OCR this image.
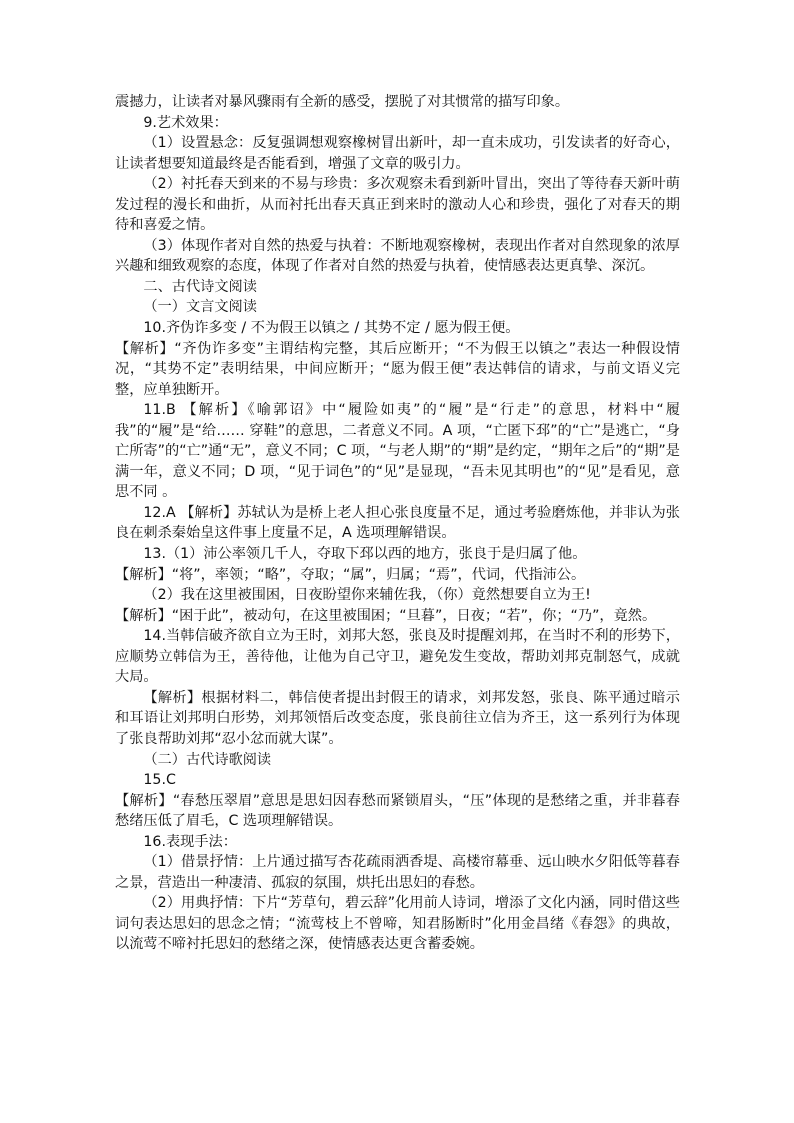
震撼力，让读者对暴风骤雨有全新的感受，摆脱了对其惯常的描写印象。

9.艺术效果：

（1）设置悬念：反复强调想观察橡树冒出新叶，却一直未成功，引发读者的好奇心，让读者想要知道最终是否能看到，增强了文章的吸引力。

（2）衬托春天到来的不易与珍贵：多次观察未看到新叶冒出，突出了等待春天新叶萌发过程的漫长和曲折，从而衬托出春天真正到来时的激动人心和珍贵，强化了对春天的期待和喜爱之情。

（3）体现作者对自然的热爱与执着：不断地观察橡树，表现出作者对自然现象的浓厚兴趣和细致观察的态度，体现了作者对自然的热爱与执着，使情感表达更真挚、深沉。

二、古代诗文阅读

（一）文言文阅读

10.齐伪诈多变 / 不为假王以镇之 / 其势不定 / 愿为假王便。

【解析】“齐伪诈多变”主谓结构完整，其后应断开；“不为假王以镇之”表达一种假设情况，“其势不定”表明结果，中间应断开；“愿为假王便”表达韩信的请求，与前文语义完整，应单独断开。

11.B 【解析】《喻郭诏》中“履险如夷”的“履”是“行走”的意思，材料中“履我”的“履”是“给…… 穿鞋”的意思，二者意义不同。A 项，“亡匿下邳”的“亡”是逃亡，“身亡所寄”的“亡”通“无”，意义不同；C 项，“与老人期”的“期”是约定，“期年之后”的“期”是满一年，意义不同；D 项，“见于词色”的“见”是显现，“吾未见其明也”的“见”是看见，意思不同 。

12.A 【解析】苏轼认为是桥上老人担心张良度量不足，通过考验磨炼他，并非认为张良在刺杀秦始皇这件事上度量不足，A 选项理解错误。

13.（1）沛公率领几千人，夺取下邳以西的地方，张良于是归属了他。

【解析】“将”，率领；“略”，夺取；“属”，归属；“焉”，代词，代指沛公。

（2）我在这里被围困，日夜盼望你来辅佐我，（你）竟然想要自立为王!

【解析】“困于此”，被动句，在这里被围困；“旦暮”，日夜；“若”，你；“乃”，竟然。

14.当韩信破齐欲自立为王时，刘邦大怒，张良及时提醒刘邦，在当时不利的形势下，应顺势立韩信为王，善待他，让他为自己守卫，避免发生变故，帮助刘邦克制怒气，成就大局。

【解析】根据材料二，韩信使者提出封假王的请求，刘邦发怒，张良、陈平通过暗示和耳语让刘邦明白形势，刘邦领悟后改变态度，张良前往立信为齐王，这一系列行为体现了张良帮助刘邦“忍小忿而就大谋”。

（二）古代诗歌阅读

15.C

【解析】“春愁压翠眉”意思是思妇因春愁而紧锁眉头，“压”体现的是愁绪之重，并非暮春愁绪压低了眉毛，C 选项理解错误。

16.表现手法：

（1）借景抒情：上片通过描写杏花疏雨洒香堤、高楼帘幕垂、远山映水夕阳低等暮春之景，营造出一种凄清、孤寂的氛围，烘托出思妇的春愁。

（2）用典抒情：下片“芳草句，碧云辞”化用前人诗词，增添了文化内涵，同时借这些词句表达思妇的思念之情；“流莺枝上不曾啼，知君肠断时”化用金昌绪《春怨》的典故，以流莺不啼衬托思妇的愁绪之深，使情感表达更含蓄委婉。
